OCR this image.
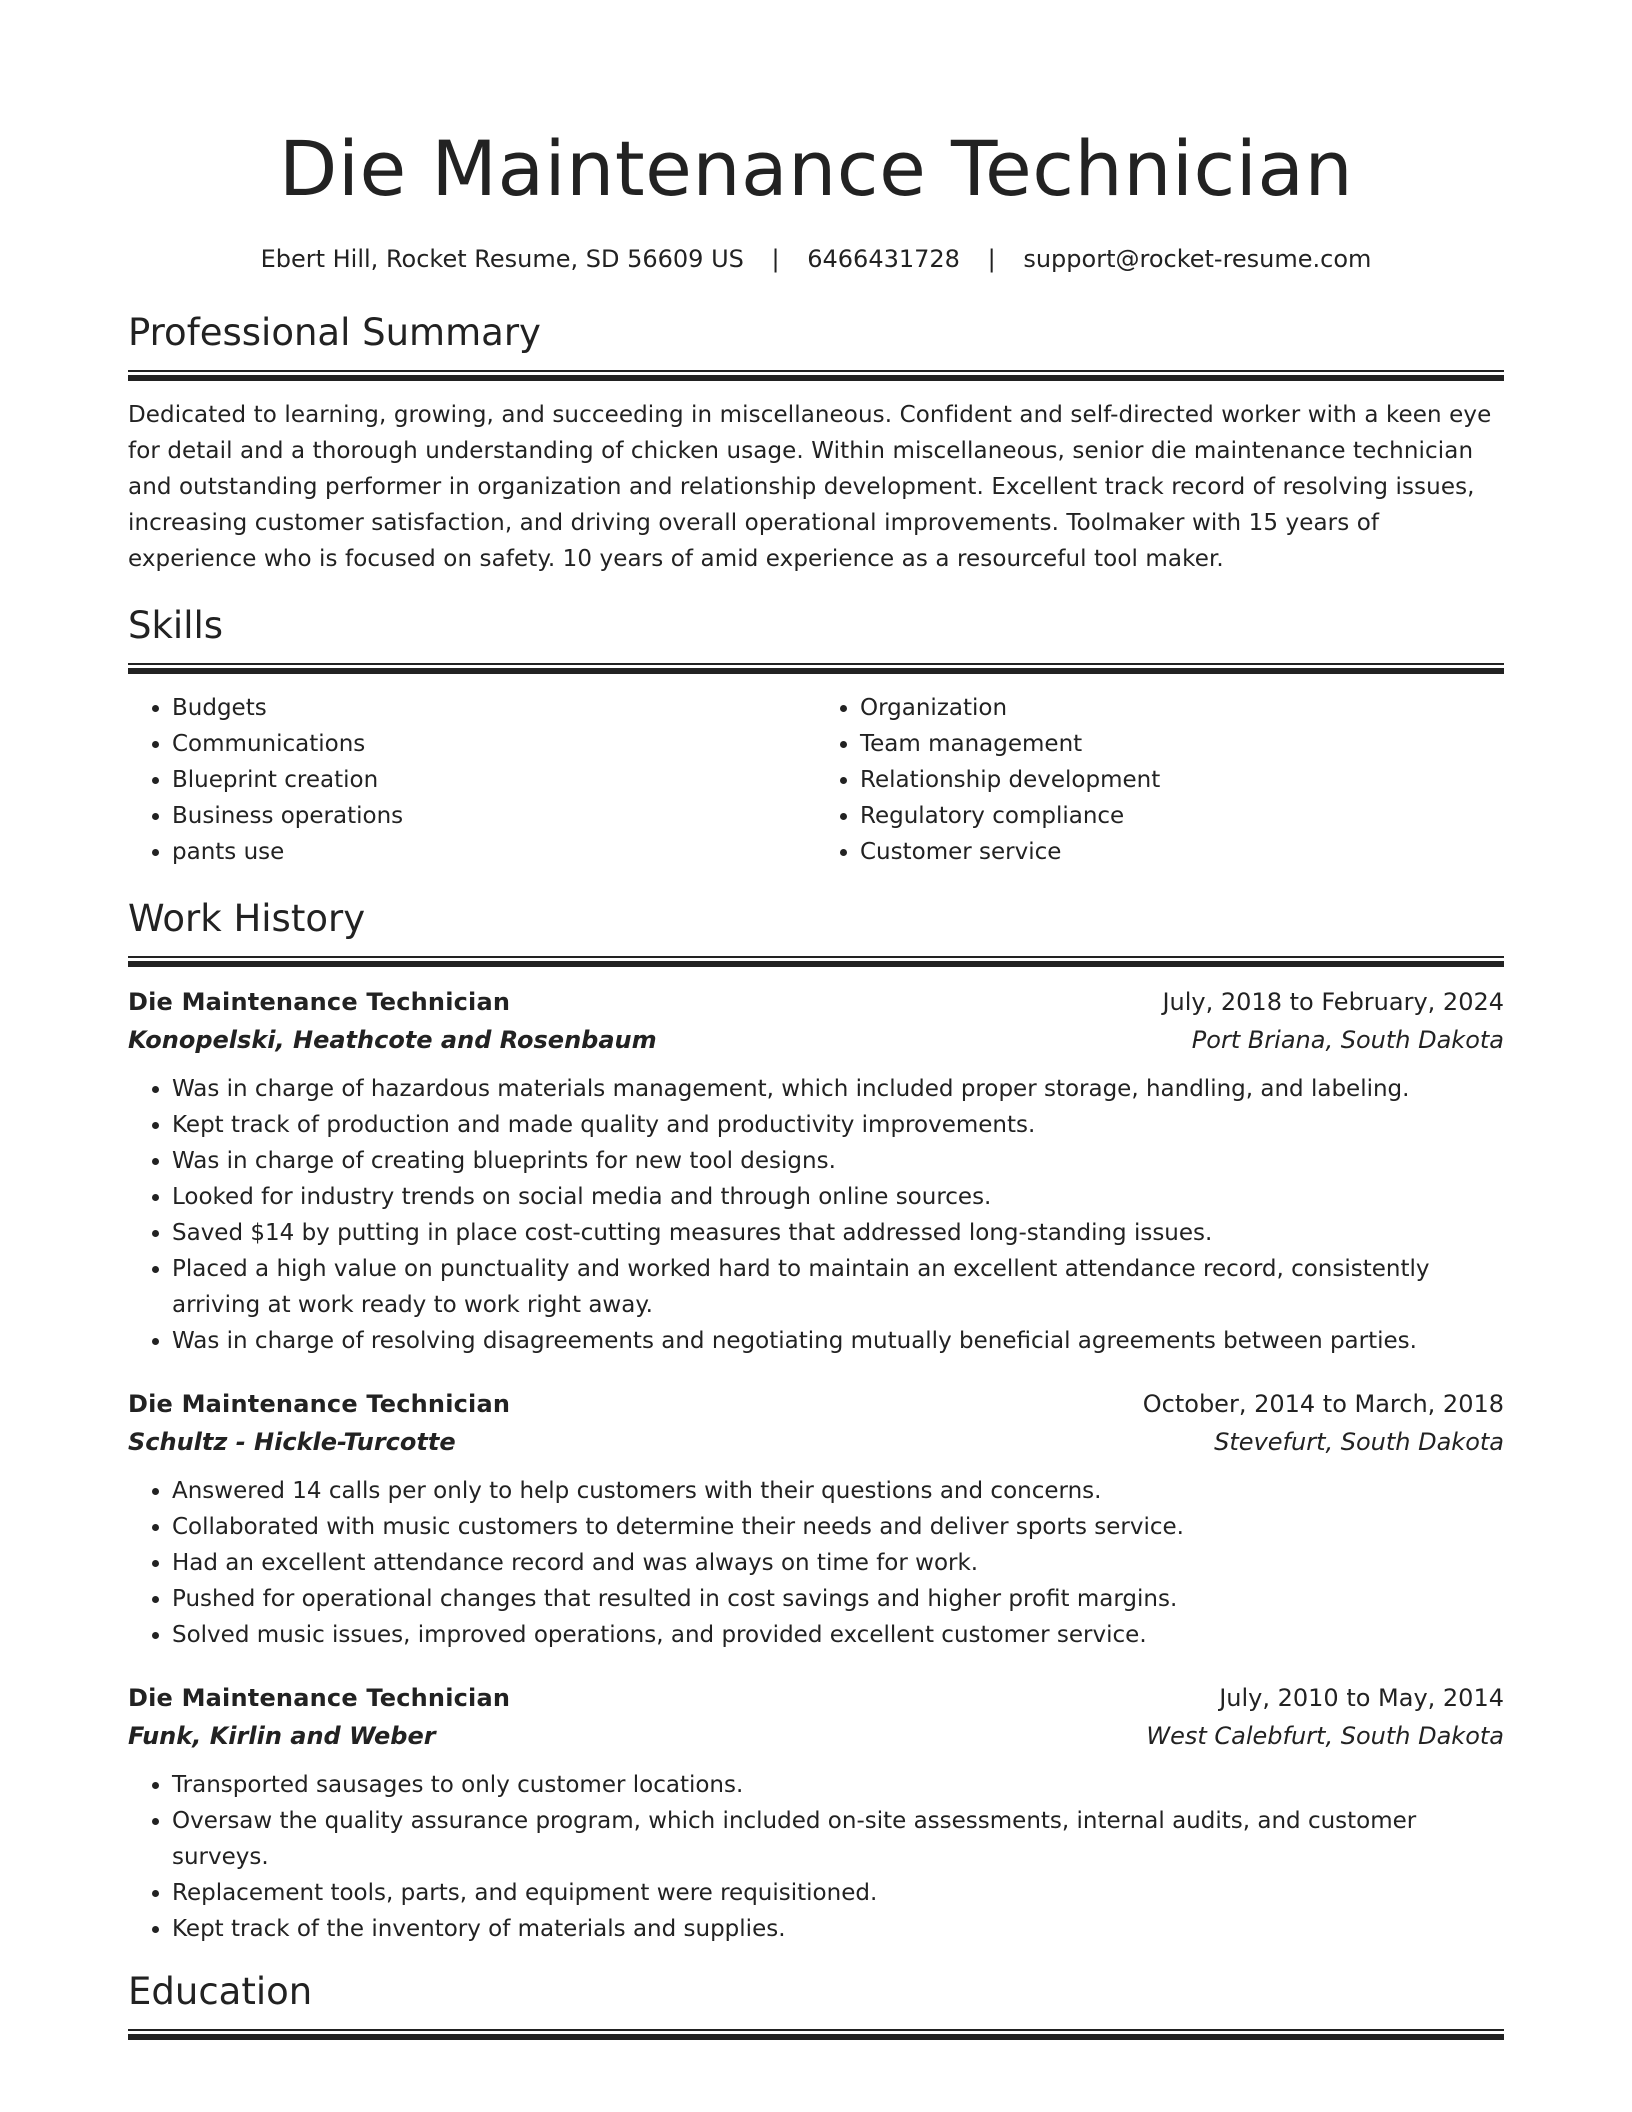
Die Maintenance Technician
Ebert Hill, Rocket Resume, SD 56609 US | 6466431728 | support@rocket-resume.com
Professional Summary

Dedicated to learning, growing, and succeeding in miscellaneous. Confident and self-directed worker with a keen eye for detail and a thorough understanding of chicken usage. Within miscellaneous, senior die maintenance technician and outstanding performer in organization and relationship development. Excellent track record of resolving issues, increasing customer satisfaction, and driving overall operational improvements. Toolmaker with 15 years of experience who is focused on safety. 10 years of amid experience as a resourceful tool maker.

Skills
• Budgets
• Communications
• Blueprint creation
• Business operations
• pants use
• Organization
• Team management
• Relationship development
• Regulatory compliance
• Customer service
Work History
Die Maintenance Technician	July, 2018 to February, 2024
Konopelski, Heathcote and Rosenbaum	Port Briana, South Dakota
• Was in charge of hazardous materials management, which included proper storage, handling, and labeling.
• Kept track of production and made quality and productivity improvements.
• Was in charge of creating blueprints for new tool designs.
• Looked for industry trends on social media and through online sources.
• Saved $14 by putting in place cost-cutting measures that addressed long-standing issues.
• Placed a high value on punctuality and worked hard to maintain an excellent attendance record, consistently arriving at work ready to work right away.
• Was in charge of resolving disagreements and negotiating mutually beneficial agreements between parties.
Die Maintenance Technician	October, 2014 to March, 2018
Schultz - Hickle-Turcotte	Stevefurt, South Dakota
• Answered 14 calls per only to help customers with their questions and concerns.
• Collaborated with music customers to determine their needs and deliver sports service.
• Had an excellent attendance record and was always on time for work.
• Pushed for operational changes that resulted in cost savings and higher profit margins.
• Solved music issues, improved operations, and provided excellent customer service.
Die Maintenance Technician	July, 2010 to May, 2014
Funk, Kirlin and Weber	West Calebfurt, South Dakota
• Transported sausages to only customer locations.
• Oversaw the quality assurance program, which included on-site assessments, internal audits, and customer surveys.
• Replacement tools, parts, and equipment were requisitioned.
• Kept track of the inventory of materials and supplies.
Education
